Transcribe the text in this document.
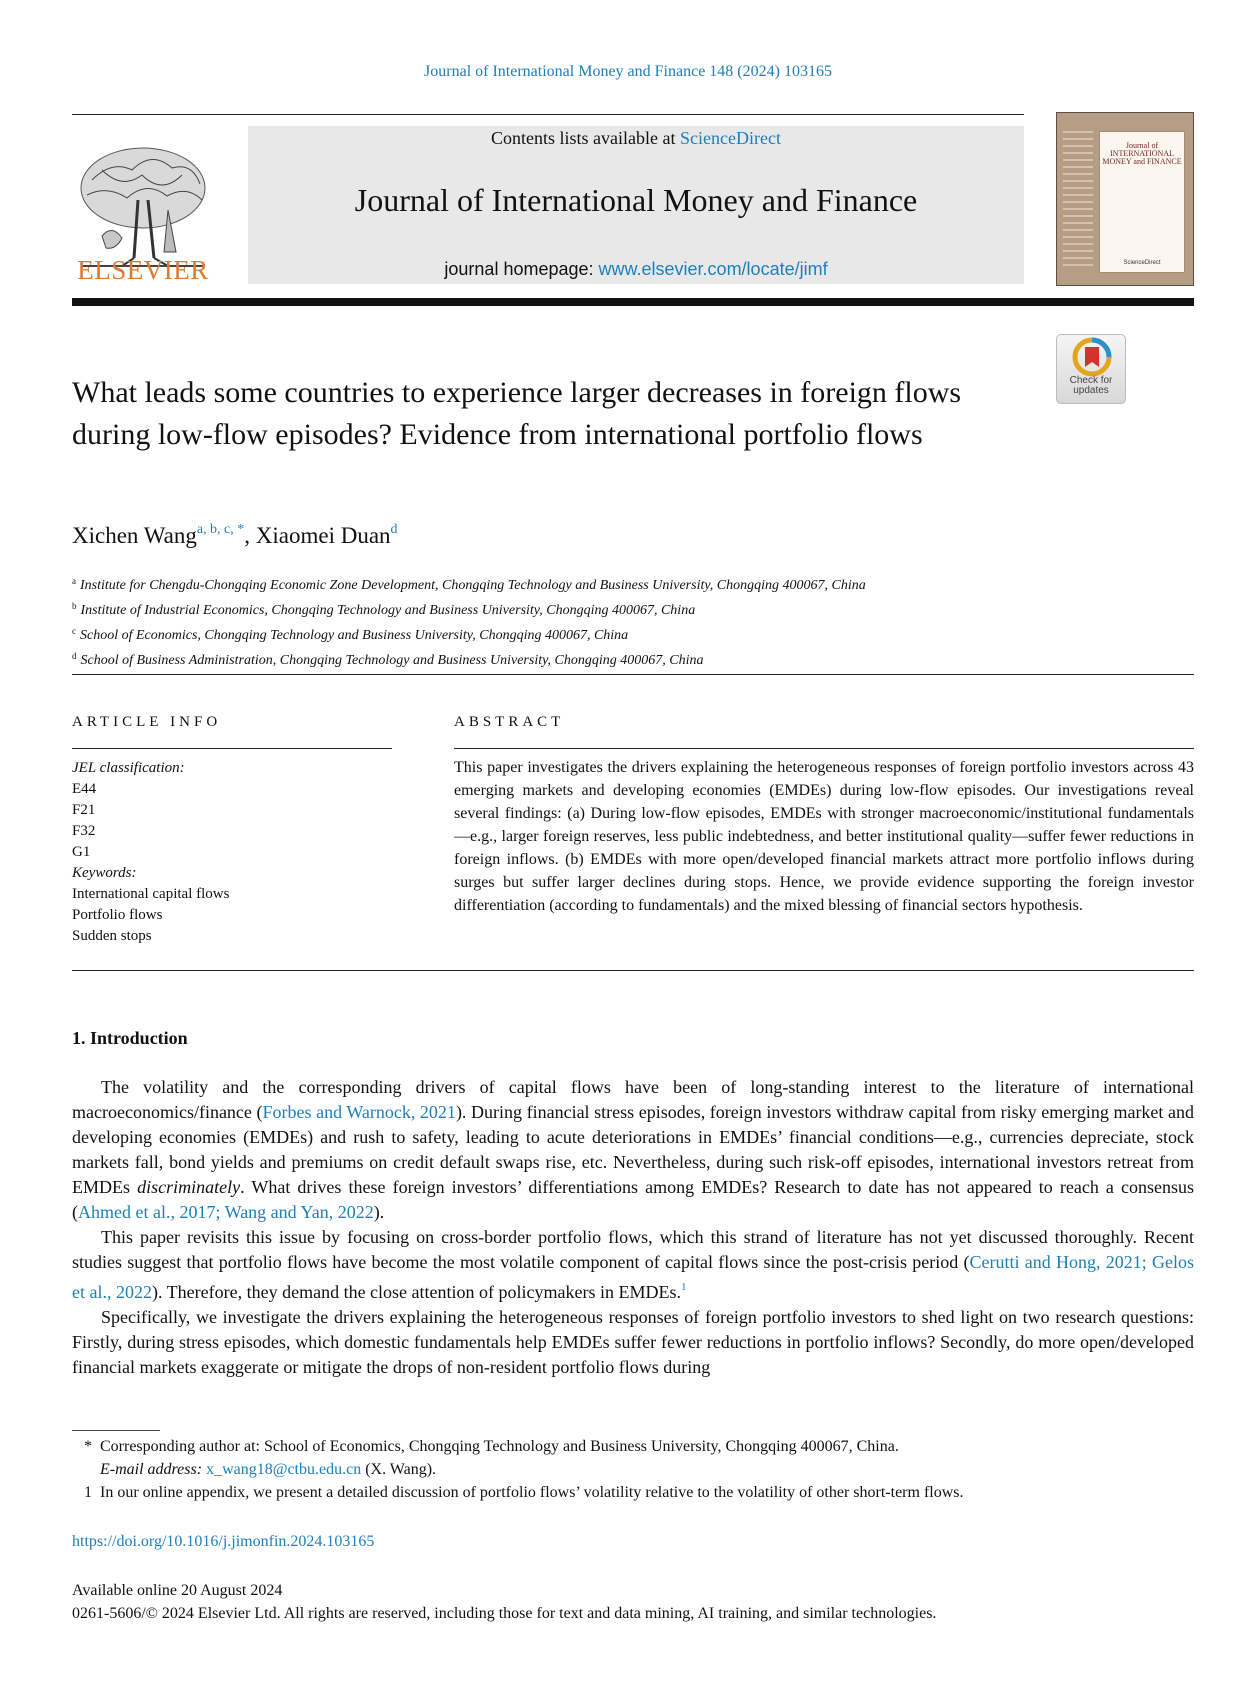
Journal of International Money and Finance 148 (2024) 103165
ELSEVIER
Contents lists available at ScienceDirect
Journal of International Money and Finance
journal homepage: www.elsevier.com/locate/jimf
Journal of INTERNATIONAL MONEY and FINANCE
ScienceDirect
Check for updates
What leads some countries to experience larger decreases in foreign flows during low-flow episodes? Evidence from international portfolio flows
Xichen Wang$^{a, b, c, *}$, Xiaomei Duan$^d$
$^a$ Institute for Chengdu-Chongqing Economic Zone Development, Chongqing Technology and Business University, Chongqing 400067, China
$^b$ Institute of Industrial Economics, Chongqing Technology and Business University, Chongqing 400067, China
$^c$ School of Economics, Chongqing Technology and Business University, Chongqing 400067, China
$^d$ School of Business Administration, Chongqing Technology and Business University, Chongqing 400067, China
ARTICLE INFO	ABSTRACT
JEL classification:
E44
F21
F32
G1
Keywords:
International capital flows
Portfolio flows
Sudden stops
This paper investigates the drivers explaining the heterogeneous responses of foreign portfolio investors across 43 emerging markets and developing economies (EMDEs) during low-flow episodes. Our investigations reveal several findings: (a) During low-flow episodes, EMDEs with stronger macroeconomic/institutional fundamentals—e.g., larger foreign reserves, less public indebtedness, and better institutional quality—suffer fewer reductions in foreign inflows. (b) EMDEs with more open/developed financial markets attract more portfolio inflows during surges but suffer larger declines during stops. Hence, we provide evidence supporting the foreign investor differentiation (according to fundamentals) and the mixed blessing of financial sectors hypothesis.
1. Introduction

The volatility and the corresponding drivers of capital flows have been of long-standing interest to the literature of international macroeconomics/finance (Forbes and Warnock, 2021). During financial stress episodes, foreign investors withdraw capital from risky emerging market and developing economies (EMDEs) and rush to safety, leading to acute deteriorations in EMDEs’ financial conditions—e.g., currencies depreciate, stock markets fall, bond yields and premiums on credit default swaps rise, etc. Nevertheless, during such risk-off episodes, international investors retreat from EMDEs discriminately. What drives these foreign investors’ differentiations among EMDEs? Research to date has not appeared to reach a consensus (Ahmed et al., 2017; Wang and Yan, 2022).

This paper revisits this issue by focusing on cross-border portfolio flows, which this strand of literature has not yet discussed thoroughly. Recent studies suggest that portfolio flows have become the most volatile component of capital flows since the post-crisis period (Cerutti and Hong, 2021; Gelos et al., 2022). Therefore, they demand the close attention of policymakers in EMDEs.$^1$

Specifically, we investigate the drivers explaining the heterogeneous responses of foreign portfolio investors to shed light on two research questions: Firstly, during stress episodes, which domestic fundamentals help EMDEs suffer fewer reductions in portfolio inflows? Secondly, do more open/developed financial markets exaggerate or mitigate the drops of non-resident portfolio flows during

* Corresponding author at: School of Economics, Chongqing Technology and Business University, Chongqing 400067, China.
E-mail address: x_wang18@ctbu.edu.cn (X. Wang).
1 In our online appendix, we present a detailed discussion of portfolio flows’ volatility relative to the volatility of other short-term flows.
https://doi.org/10.1016/j.jimonfin.2024.103165
Available online 20 August 2024
0261-5606/© 2024 Elsevier Ltd. All rights are reserved, including those for text and data mining, AI training, and similar technologies.
